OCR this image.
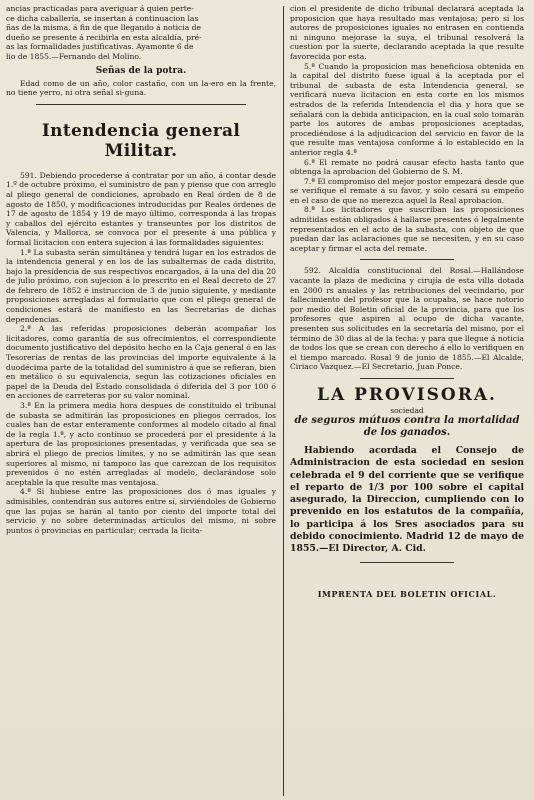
ancias practicadas para averiguar á quien perte-

ce dicha caballería, se insertan á continuacion las

ñas de la misma, á fin de que llegando á noticia de

dueño se presente á recibirla en esta alcaldía, pré-

as las formalidades justificativas. Ayamonte 6 de

lio de 1855.—Fernando del Molino.

Señas de la potra.

Edad como de un año, color castaño, con un la-ero en la frente, no tiene yerro, ni otra señal si-guna.

Intendencia general Militar.

591. Debiendo procederse á contratar por un año, á contar desde 1.º de octubre próximo, el suministro de pan y pienso que con arreglo al pliego general de condiciones, aprobado en Real órden de 8 de agosto de 1850, y modificaciones introducidas por Reales órdenes de 17 de agosto de 1854 y 19 de mayo último, corresponda á las tropas y caballos del ejército estantes y transeuntes por los distritos de Valencia, y Mallorca, se convoca por el presente á una pública y formal licitacion con entera sujecion á las formalidades siguientes:

1.ª La subasta serán simultánea y tendrá lugar en los estrados de la intendencia general y en los de las subalternas de cada distrito, bajo la presidencia de sus respectivos encargados, á la una del dia 20 de julio próximo, con sujecion á lo prescrito en el Real decreto de 27 de febrero de 1852 é instruccion de 3 de junio siguiente, y mediante proposiciones arregladas al formulario que con el pliego general de condiciones estará de manifiesto en las Secretarias de dichas dependencias.

2.ª A las referidas proposiciones deberán acompañar los licitadores, como garantía de sus ofrecimientos, el correspondiente documento justificativo del depósito hecho en la Caja general ó en las Tesorerías de rentas de las provincias del importe equivalente á la duodécima parte de la totalidad del suministro á que se refieran, bien en metálico ó su equivalencia, segun las cotizaciones oficiales en papel de la Deuda del Estado consolidada ó diferida del 3 por 100 ó en acciones de carreteras por su valor nominal.

3.ª En la primera media hora despues de constituido el tribunal de subasta se admitirán las proposiciones en pliegos cerrados, los cuales han de estar enteramente conformes al modelo citado al final de la regla 1.ª, y acto contínuo se procederá por el presidente á la apertura de las proposiciones presentadas, y verificada que sea se abrirá el pliego de precios límites, y no se admitirán las que sean superiores al mismo, ni tampoco las que carezcan de los requisitos prevenidos ó no estén arregladas al modelo, declarándose solo aceptable la que resulte mas ventajosa.

4.ª Si hubiese entre las proposiciones dos ó mas iguales y admisibles, contendrán sus autores entre sí, sirviéndoles de Gobierno que las pujas se harán al tanto por ciento del importe total del servicio y no sobre determinadas artículos del mismo, ni sobre puntos ó provincias en particular; cerrada la licita-

cion el presidente de dicho tribunal declarará aceptada la proposicion que haya resultado mas ventajosa; pero si los autores de proposiciones iguales no entrasen en contienda ni ninguno mejorase la suya, el tribunal resolverá la cuestion por la suerte, declarando aceptada la que resulte favorecida por esta.

5.ª Cuando la proposicion mas beneficiosa obtenida en la capital del distrito fuese igual á la aceptada por el tribunal de subasta de esta Intendencia general, se verificará nueva licitacion en esta corte en los mismos estrados de la referida Intendencia el dia y hora que se señalará con la debida anticipacion, en la cual solo tomarán parte los autores de ambas proposiciones aceptadas, procediéndose á la adjudicacion del servicio en favor de la que resulte mas ventajosa conforme á lo establecido en la anterior regla 4.ª

6.ª El remate no podrá causar efecto hasta tanto que obtenga la aprobacion del Gobierno de S. M.

7.ª El compromiso del mejor postor empezará desde que se verifique el remate á su favor, y solo cesará su empeño en el caso de que no merezca aquel la Real aprobacion.

8.ª Los licitadores que suscriban las proposiciones admitidas están obligados á hallarse presentes ó legalmente representados en el acto de la subasta, con objeto de que puedan dar las aclaraciones que se necesiten, y en su caso aceptar y firmar el acta del remate.

592. Alcaldía constitucional del Rosal.—Hallándose vacante la plaza de medicina y cirujía de esta villa dotada en 2000 rs anuales y las retribuciones del vecindario, por fallecimiento del profesor que la ocupaba, se hace notorio por medio del Boletin oficial de la provincia, para que los profesores que aspiren al ocupo de dicha vacante, presenten sus solicitudes en la secretaría del mismo, por el término de 30 dias al de la fecha: y para que llegue á noticia de todos los que se crean con derecho á ello lo verifiquen en el tiempo marcado. Rosal 9 de junio de 1855.—El Alcalde, Ciriaco Vazquez.—El Secretario, Juan Ponce.

LA PROVISORA.

sociedad

de seguros mútuos contra la mortalidad de los ganados.

Habiendo acordada el Consejo de Administracion de esta sociedad en sesion celebrada el 9 del corriente que se verifique el reparto de 1/3 por 100 sobre el capital asegurado, la Direccion, cumpliendo con lo prevenido en los estatutos de la compañía, lo participa á los Sres asociados para su debido conocimiento. Madrid 12 de mayo de 1855.—El Director, A. Cid.

IMPRENTA DEL BOLETIN OFICIAL.
